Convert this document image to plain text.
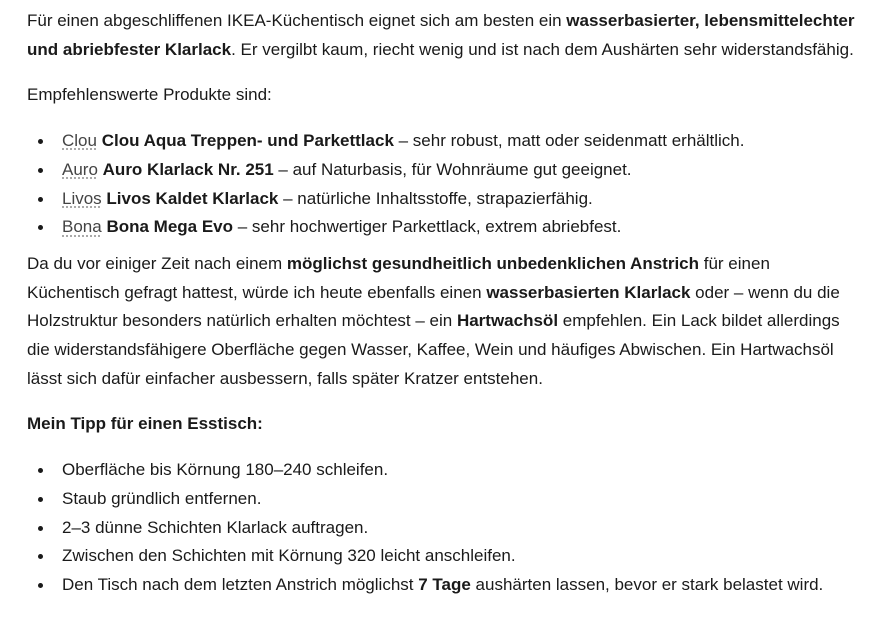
Für einen abgeschliffenen IKEA-Küchentisch eignet sich am besten ein wasserbasierter, lebensmittelechter und abriebfester Klarlack. Er vergilbt kaum, riecht wenig und ist nach dem Aushärten sehr widerstandsfähig.

Empfehlenswerte Produkte sind:

Clou Clou Aqua Treppen- und Parkettlack – sehr robust, matt oder seidenmatt erhältlich.
Auro Auro Klarlack Nr. 251 – auf Naturbasis, für Wohnräume gut geeignet.
Livos Livos Kaldet Klarlack – natürliche Inhaltsstoffe, strapazierfähig.
Bona Bona Mega Evo – sehr hochwertiger Parkettlack, extrem abriebfest.

Da du vor einiger Zeit nach einem möglichst gesundheitlich unbedenklichen Anstrich für einen Küchentisch gefragt hattest, würde ich heute ebenfalls einen wasserbasierten Klarlack oder – wenn du die Holzstruktur besonders natürlich erhalten möchtest – ein Hartwachsöl empfehlen. Ein Lack bildet allerdings die widerstandsfähigere Oberfläche gegen Wasser, Kaffee, Wein und häufiges Abwischen. Ein Hartwachsöl lässt sich dafür einfacher ausbessern, falls später Kratzer entstehen.

Mein Tipp für einen Esstisch:

Oberfläche bis Körnung 180–240 schleifen.
Staub gründlich entfernen.
2–3 dünne Schichten Klarlack auftragen.
Zwischen den Schichten mit Körnung 320 leicht anschleifen.
Den Tisch nach dem letzten Anstrich möglichst 7 Tage aushärten lassen, bevor er stark belastet wird.
